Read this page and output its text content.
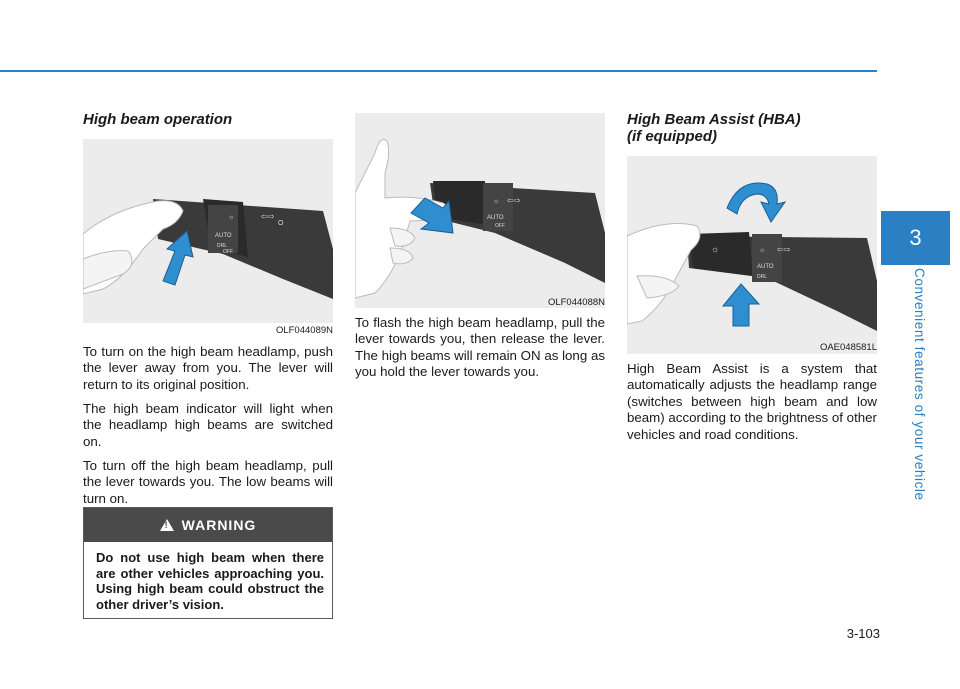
3
Convenient features of your vehicle
High beam operation
AUTO
DRL
OFF
⇦⇨
☼
O
OLF044089N
To turn on the high beam headlamp, push the lever away from you. The lever will return to its original position.
The high beam indicator will light when the headlamp high beams are switched on.
To turn off the high beam headlamp, pull the lever towards you. The low beams will turn on.
!
WARNING
Do not use high beam when there are other vehicles approaching you. Using high beam could obstruct the other driver’s vision.
☼ ⇦⇨
AUTO
OFF
OLF044088N
To flash the high beam headlamp, pull the lever towards you, then release the lever. The high beams will remain ON as long as you hold the lever towards you.
High Beam Assist (HBA)
(if equipped)
☼	☼ ⇦⇨
AUTO
DRL
OAE048581L
High Beam Assist is a system that automatically adjusts the headlamp range (switches between high beam and low beam) according to the brightness of other vehicles and road conditions.
3-103
